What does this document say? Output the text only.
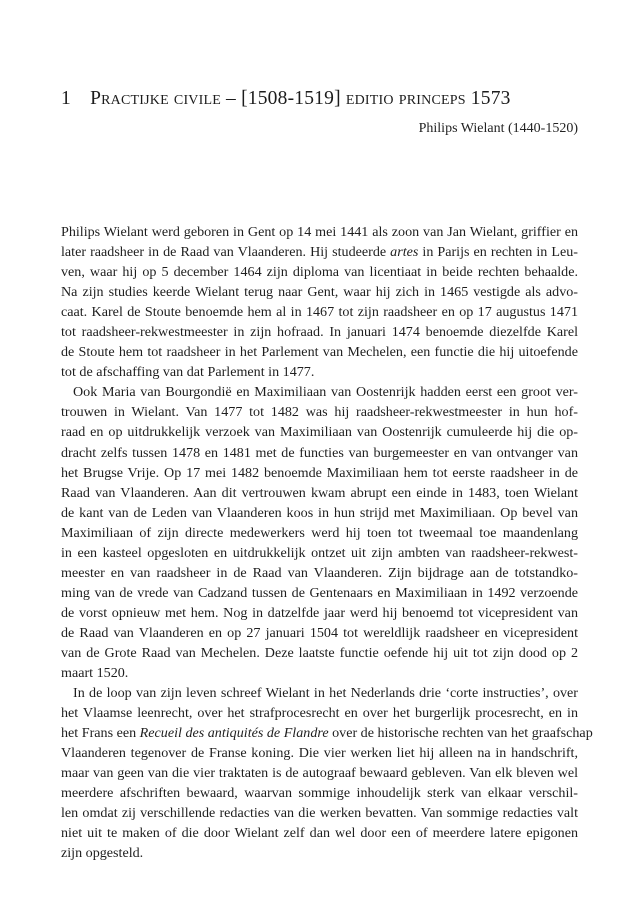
1 Practijke civile – [1508-1519] editio princeps 1573
Philips Wielant (1440-1520)
Philips Wielant werd geboren in Gent op 14 mei 1441 als zoon van Jan Wielant, griffier en
later raadsheer in de Raad van Vlaanderen. Hij studeerde artes in Parijs en rechten in Leu-
ven, waar hij op 5 december 1464 zijn diploma van licentiaat in beide rechten behaalde.
Na zijn studies keerde Wielant terug naar Gent, waar hij zich in 1465 vestigde als advo-
caat. Karel de Stoute benoemde hem al in 1467 tot zijn raadsheer en op 17 augustus 1471
tot raadsheer-rekwestmeester in zijn hofraad. In januari 1474 benoemde diezelfde Karel
de Stoute hem tot raadsheer in het Parlement van Mechelen, een functie die hij uitoefende
tot de afschaffing van dat Parlement in 1477.
Ook Maria van Bourgondië en Maximiliaan van Oostenrijk hadden eerst een groot ver-
trouwen in Wielant. Van 1477 tot 1482 was hij raadsheer-rekwestmeester in hun hof-
raad en op uitdrukkelijk verzoek van Maximiliaan van Oostenrijk cumuleerde hij die op-
dracht zelfs tussen 1478 en 1481 met de functies van burgemeester en van ontvanger van
het Brugse Vrije. Op 17 mei 1482 benoemde Maximiliaan hem tot eerste raadsheer in de
Raad van Vlaanderen. Aan dit vertrouwen kwam abrupt een einde in 1483, toen Wielant
de kant van de Leden van Vlaanderen koos in hun strijd met Maximiliaan. Op bevel van
Maximiliaan of zijn directe medewerkers werd hij toen tot tweemaal toe maandenlang
in een kasteel opgesloten en uitdrukkelijk ontzet uit zijn ambten van raadsheer-rekwest-
meester en van raadsheer in de Raad van Vlaanderen. Zijn bijdrage aan de totstandko-
ming van de vrede van Cadzand tussen de Gentenaars en Maximiliaan in 1492 verzoende
de vorst opnieuw met hem. Nog in datzelfde jaar werd hij benoemd tot vicepresident van
de Raad van Vlaanderen en op 27 januari 1504 tot wereldlijk raadsheer en vicepresident
van de Grote Raad van Mechelen. Deze laatste functie oefende hij uit tot zijn dood op 2
maart 1520.
In de loop van zijn leven schreef Wielant in het Nederlands drie ‘corte instructies’, over
het Vlaamse leenrecht, over het strafprocesrecht en over het burgerlijk procesrecht, en in
het Frans een Recueil des antiquités de Flandre over de historische rechten van het graafschap
Vlaanderen tegenover de Franse koning. Die vier werken liet hij alleen na in handschrift,
maar van geen van die vier traktaten is de autograaf bewaard gebleven. Van elk bleven wel
meerdere afschriften bewaard, waarvan sommige inhoudelijk sterk van elkaar verschil-
len omdat zij verschillende redacties van die werken bevatten. Van sommige redacties valt
niet uit te maken of die door Wielant zelf dan wel door een of meerdere latere epigonen
zijn opgesteld.
